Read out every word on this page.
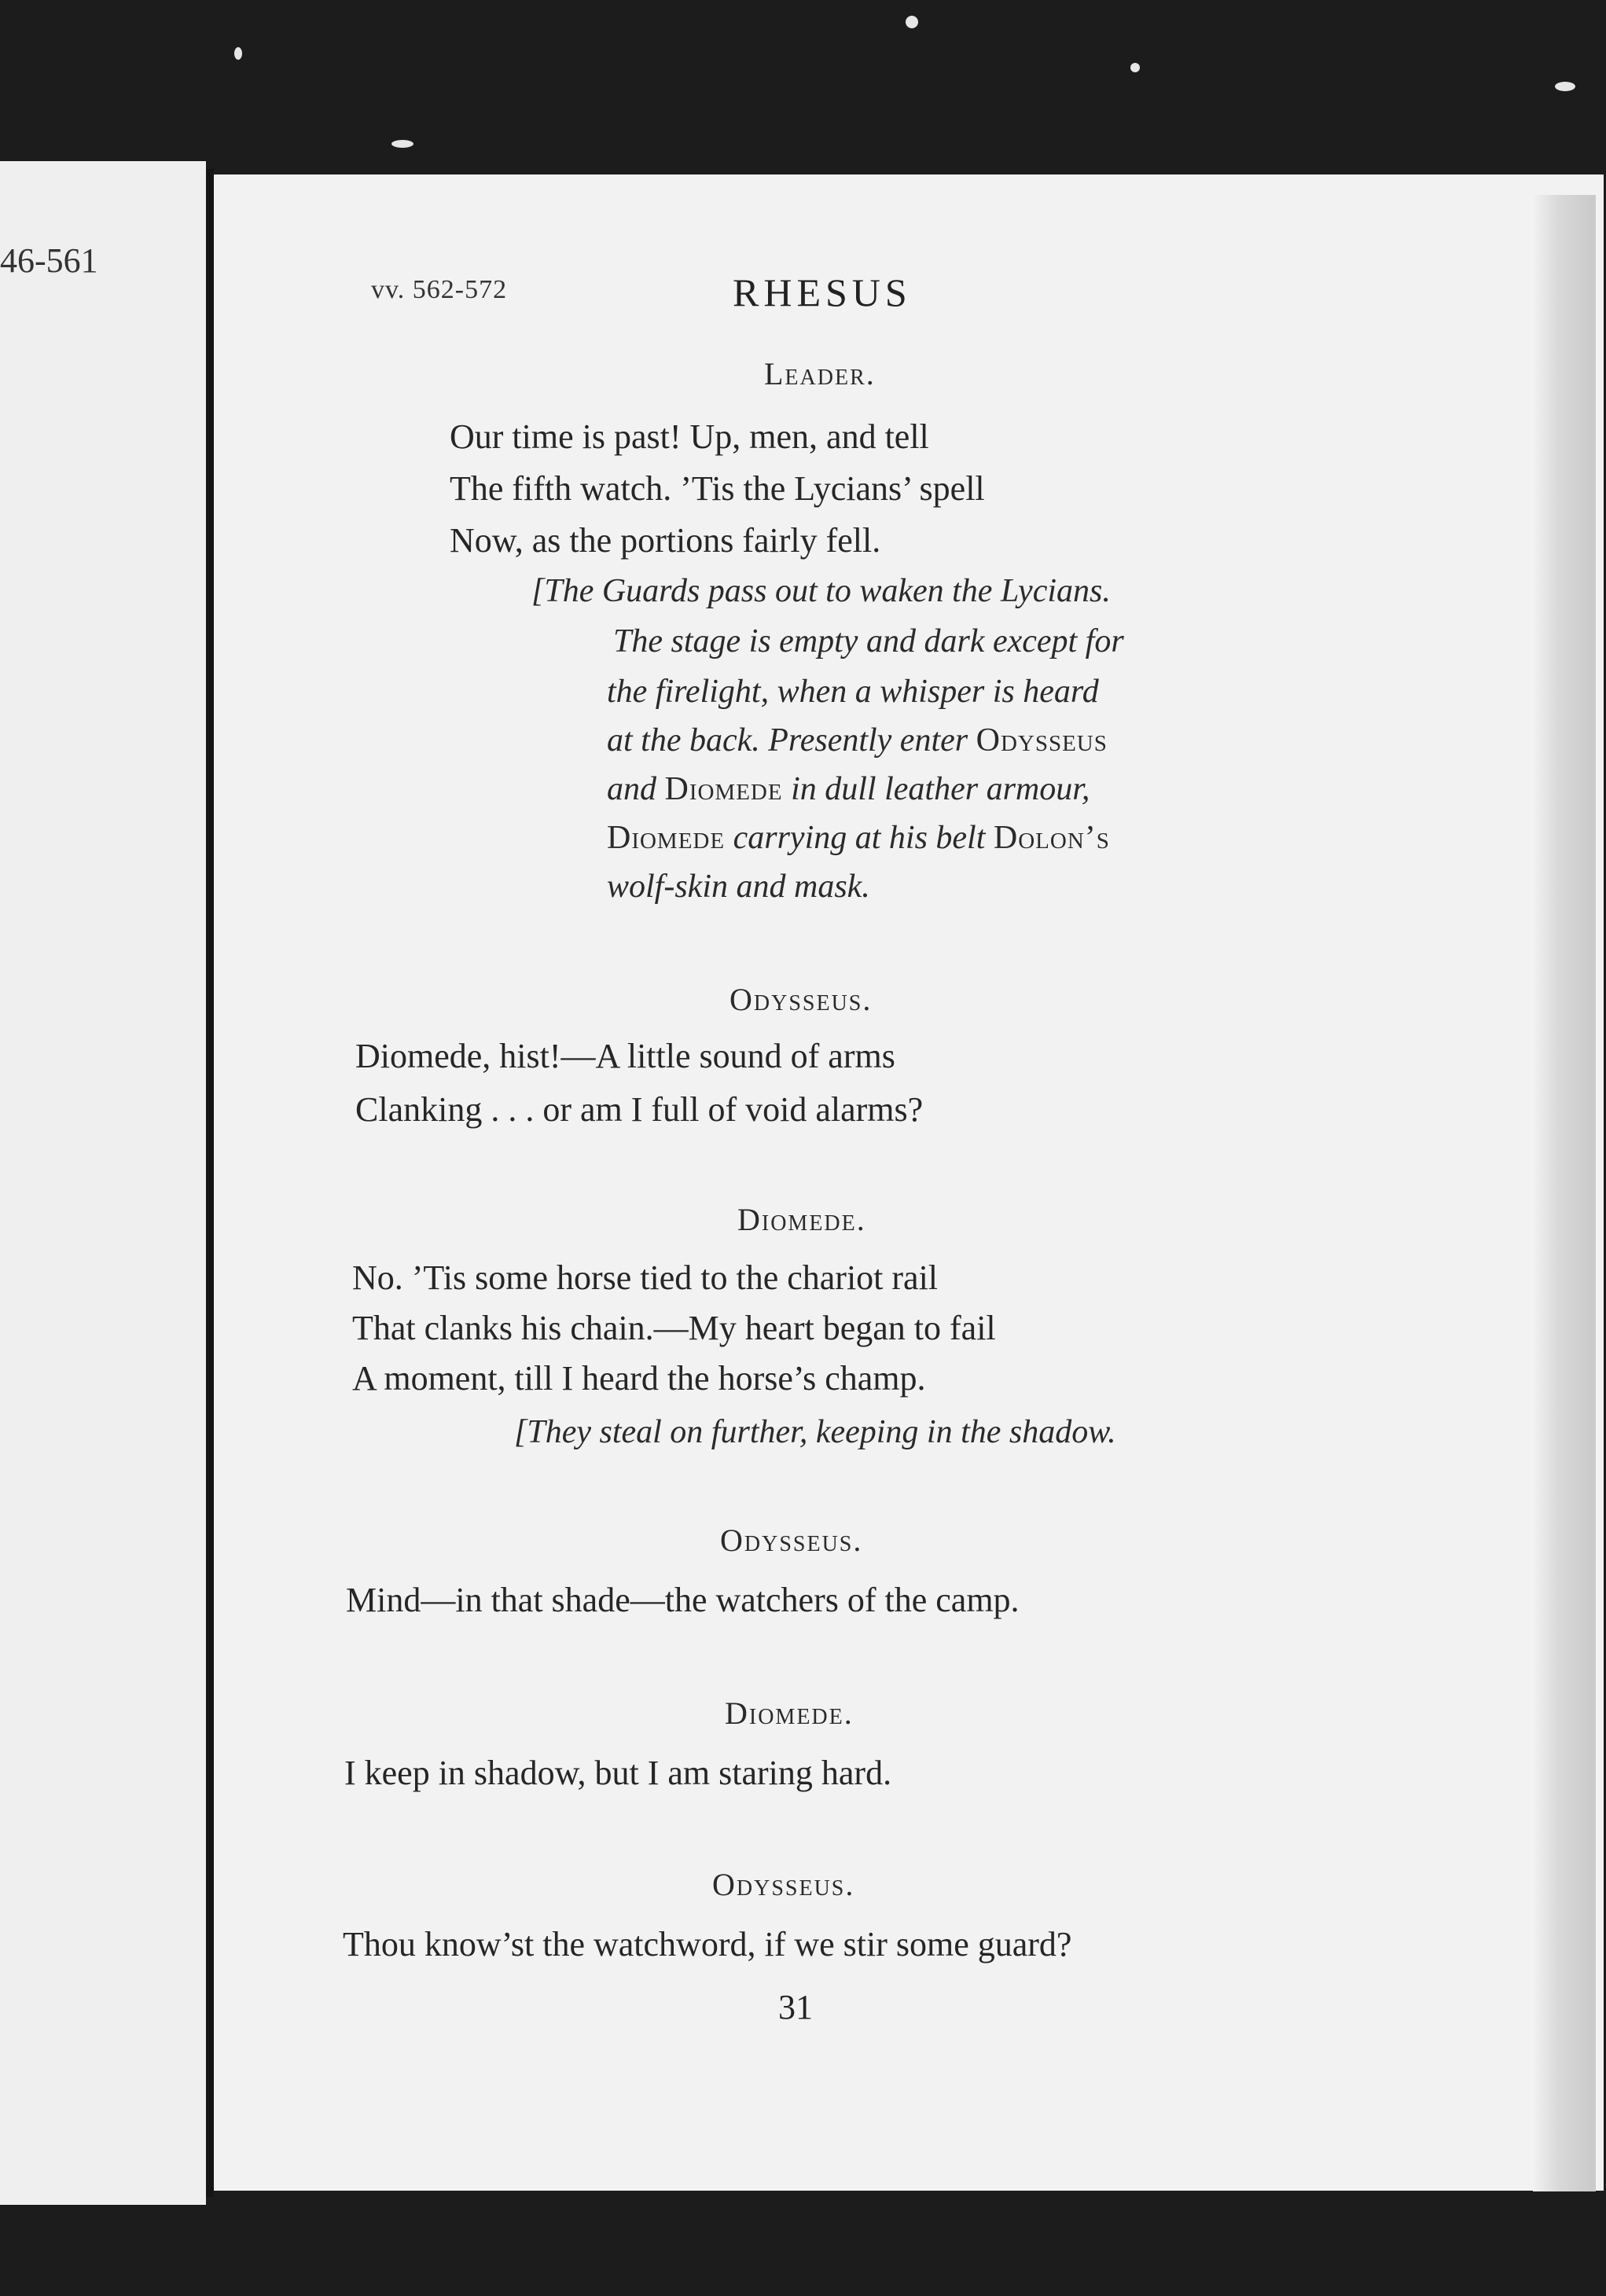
46-561
vv. 562-572	RHESUS
Leader.
Our time is past! Up, men, and tell
The fifth watch. ’Tis the Lycians’ spell
Now, as the portions fairly fell.
[The Guards pass out to waken the Lycians.
The stage is empty and dark except for
the firelight, when a whisper is heard
at the back. Presently enter Odysseus
and Diomede in dull leather armour,
Diomede carrying at his belt Dolon’s
wolf-skin and mask.
Odysseus.
Diomede, hist!—A little sound of arms
Clanking . . . or am I full of void alarms?
Diomede.
No. ’Tis some horse tied to the chariot rail
That clanks his chain.—My heart began to fail
A moment, till I heard the horse’s champ.
[They steal on further, keeping in the shadow.
Odysseus.
Mind—in that shade—the watchers of the camp.
Diomede.
I keep in shadow, but I am staring hard.
Odysseus.
Thou know’st the watchword, if we stir some guard?
31
